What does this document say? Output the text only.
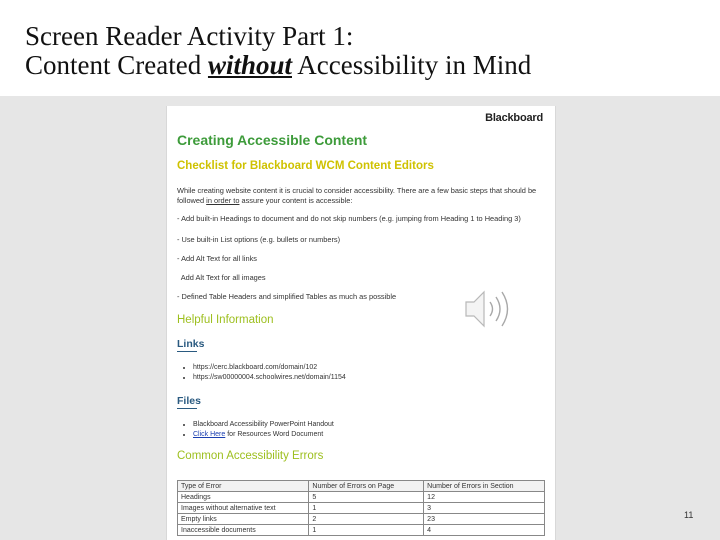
Screen Reader Activity Part 1:
Content Created without Accessibility in Mind
Blackboard
Creating Accessible Content
Checklist for Blackboard WCM Content Editors
While creating website content it is crucial to consider accessibility. There are a few basic steps that should be followed in order to assure your content is accessible:
- Add built-in Headings to document and do not skip numbers (e.g. jumping from Heading 1 to Heading 3)
- Use built-in List options (e.g. bullets or numbers)
- Add Alt Text for all links
Add Alt Text for all images
- Defined Table Headers and simplified Tables as much as possible
Helpful Information
Links
• https://cerc.blackboard.com/domain/102
• https://sw00000004.schoolwires.net/domain/1154
Files
• Blackboard Accessibility PowerPoint Handout
• Click Here for Resources Word Document
Common Accessibility Errors
Type of Error	Number of Errors on Page	Number of Errors in Section
Headings	5	12
Images without alternative text	1	3
Empty links	2	23
Inaccessible documents	1	4
11
